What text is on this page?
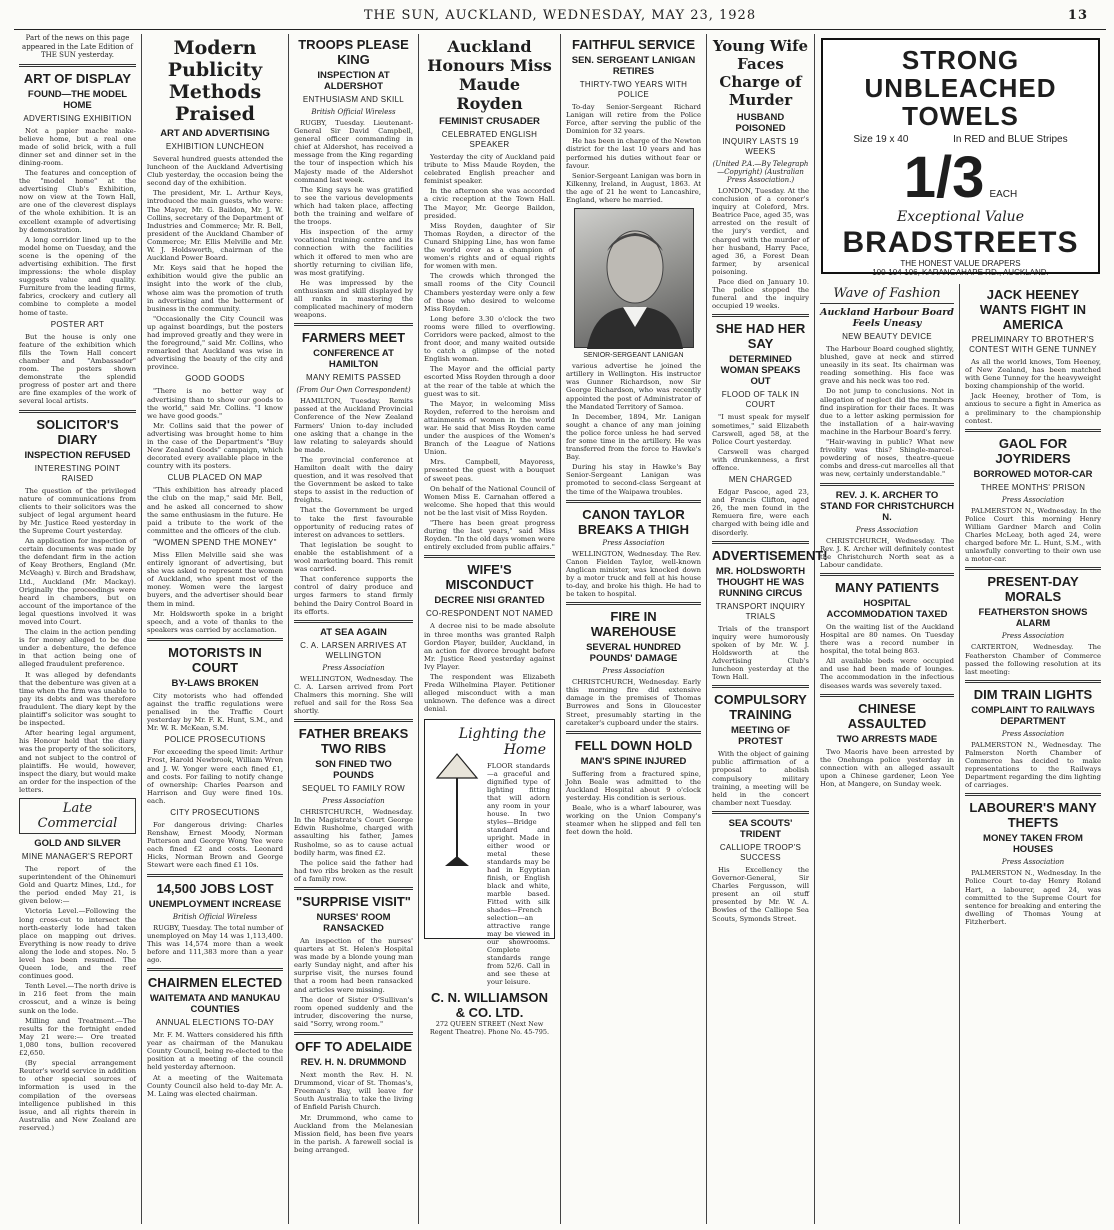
THE SUN, AUCKLAND, WEDNESDAY, MAY 23, 1928	13

Part of the news on this page appeared in the Late Edition of THE SUN yesterday.

ART OF DISPLAY
FOUND—THE MODEL HOME
ADVERTISING EXHIBITION

Not a papier mache make-believe home, but a real one made of solid brick, with a full dinner set and dinner set in the dining-room.

The features and conception of the "model home" at the advertising Club's Exhibition, now on view at the Town Hall, are one of the cleverest displays of the whole exhibition. It is an excellent example of advertising by demonstration.

A long corridor lined up to the model home on Tuesday, and the scene is the opening of the advertising exhibition. The first impressions: the whole display suggests value and quality. Furniture from the leading firms, fabrics, crockery and cutlery all combine to complete a model home of taste.

POSTER ART

But the house is only one feature of the exhibition which fills the Town Hall concert chamber and "Ambassador" room. The posters shown demonstrate the splendid progress of poster art and there are fine examples of the work of several local artists.

SOLICITOR'S DIARY
INSPECTION REFUSED
INTERESTING POINT RAISED

The question of the privileged nature of communications from clients to their solicitors was the subject of legal argument heard by Mr. Justice Reed yesterday in the Supreme Court yesterday.

An application for inspection of certain documents was made by the defendant firm in the action of Keay Brothers, England (Mr. McVeagh) v. Birch and Bradshaw, Ltd., Auckland (Mr. Mackay). Originally the proceedings were heard in chambers, but on account of the importance of the legal questions involved it was moved into Court.

The claim in the action pending is for money alleged to be due under a debenture, the defence in that action being one of alleged fraudulent preference.

It was alleged by defendants that the debenture was given at a time when the firm was unable to pay its debts and was therefore fraudulent. The diary kept by the plaintiff's solicitor was sought to be inspected.

After hearing legal argument, his Honour held that the diary was the property of the solicitors, and not subject to the control of plaintiffs. He would, however, inspect the diary, but would make an order for the inspection of the letters.

Late Commercial
GOLD AND SILVER
MINE MANAGER'S REPORT

The report of the superintendent of the Ohinemuri Gold and Quartz Mines, Ltd., for the period ended May 21, is given below:—

Victoria Level.—Following the long cross-cut to intersect the north-easterly lode had taken place on mapping out drives. Everything is now ready to drive along the lode and stopes. No. 5 level has been resumed. The Queen lode, and the reef continues good.

Tenth Level.—The north drive is in 216 feet from the main crosscut, and a winze is being sunk on the lode.

Milling and Treatment.—The results for the fortnight ended May 21 were:— Ore treated 1,080 tons, bullion recovered £2,650.

(By special arrangement Reuter's world service in addition to other special sources of information is used in the compilation of the overseas intelligence published in this issue, and all rights therein in Australia and New Zealand are reserved.)

Modern Publicity Methods Praised
ART AND ADVERTISING
EXHIBITION LUNCHEON

Several hundred guests attended the luncheon of the Auckland Advertising Club yesterday, the occasion being the second day of the exhibition.

The president, Mr. L. Arthur Keys, introduced the main guests, who were: The Mayor, Mr. G. Baildon, Mr. J. W. Collins, secretary of the Department of Industries and Commerce; Mr. R. Bell, president of the Auckland Chamber of Commerce; Mr. Ellis Melville and Mr. W. J. Holdsworth, chairman of the Auckland Power Board.

Mr. Keys said that he hoped the exhibition would give the public an insight into the work of the club, whose aim was the promotion of truth in advertising and the betterment of business in the community.

"Occasionally the City Council was up against boardings, but the posters had improved greatly and they were in the foreground," said Mr. Collins, who remarked that Auckland was wise in advertising the beauty of the city and province.

GOOD GOODS

"There is no better way of advertising than to show our goods to the world," said Mr. Collins. "I know we have good goods."

Mr. Collins said that the power of advertising was brought home to him in the case of the Department's "Buy New Zealand Goods" campaign, which decorated every available place in the country with its posters.

CLUB PLACED ON MAP

"This exhibition has already placed the club on the map," said Mr. Bell, and he asked all concerned to show the same enthusiasm in the future. He paid a tribute to the work of the committee and the officers of the club.

"WOMEN SPEND THE MONEY"

Miss Ellen Melville said she was entirely ignorant of advertising, but she was asked to represent the women of Auckland, who spent most of the money. Women were the largest buyers, and the advertiser should bear them in mind.

Mr. Holdsworth spoke in a bright speech, and a vote of thanks to the speakers was carried by acclamation.

MOTORISTS IN COURT
BY-LAWS BROKEN

City motorists who had offended against the traffic regulations were penalised in the Traffic Court yesterday by Mr. F. K. Hunt, S.M., and Mr. W. R. McKean, S.M.

POLICE PROSECUTIONS

For exceeding the speed limit: Arthur Frost, Harold Newbrook, William Wren and J. W. Yonger were each fined £1, and costs. For failing to notify change of ownership: Charles Pearson and Harrison and Guy were fined 10s. each.

CITY PROSECUTIONS

For dangerous driving: Charles Renshaw, Ernest Moody, Norman Patterson and George Wong Yee were each fined £2 and costs. Leonard Hicks, Norman Brown and George Stewart were each fined £1 10s.

14,500 JOBS LOST
UNEMPLOYMENT INCREASE
British Official Wireless

RUGBY, Tuesday. The total number of unemployed on May 14 was 1,113,400. This was 14,574 more than a week before and 111,383 more than a year ago.

CHAIRMEN ELECTED
WAITEMATA AND MANUKAU COUNTIES
ANNUAL ELECTIONS TO-DAY

Mr. F. M. Watters considered his fifth year as chairman of the Manukau County Council, being re-elected to the position at a meeting of the council held yesterday afternoon.

At a meeting of the Waitemata County Council also held to-day Mr. A. M. Laing was elected chairman.

TROOPS PLEASE KING
INSPECTION AT ALDERSHOT
ENTHUSIASM AND SKILL
British Official Wireless

RUGBY, Tuesday. Lieutenant-General Sir David Campbell, general officer commanding in chief at Aldershot, has received a message from the King regarding the tour of inspection which his Majesty made of the Aldershot command last week.

The King says he was gratified to see the various developments which had taken place, affecting both the training and welfare of the troops.

His inspection of the army vocational training centre and its connection with the facilities which it offered to men who are shortly returning to civilian life, was most gratifying.

He was impressed by the enthusiasm and skill displayed by all ranks in mastering the complicated machinery of modern weapons.

FARMERS MEET
CONFERENCE AT HAMILTON
MANY REMITS PASSED
(From Our Own Correspondent)

HAMILTON, Tuesday. Remits passed at the Auckland Provincial Conference of the New Zealand Farmers' Union to-day included one asking that a change in the law relating to saleyards should be made.

The provincial conference at Hamilton dealt with the dairy question, and it was resolved that the Government be asked to take steps to assist in the reduction of freights.

That the Government be urged to take the first favourable opportunity of reducing rates of interest on advances to settlers.

That legislation be sought to enable the establishment of a wool marketing board. This remit was carried.

That conference supports the control of dairy produce and urges farmers to stand firmly behind the Dairy Control Board in its efforts.

AT SEA AGAIN
C. A. LARSEN ARRIVES AT WELLINGTON
Press Association

WELLINGTON, Wednesday. The C. A. Larsen arrived from Port Chalmers this morning. She will refuel and sail for the Ross Sea shortly.

FATHER BREAKS TWO RIBS
SON FINED TWO POUNDS
SEQUEL TO FAMILY ROW
Press Association

CHRISTCHURCH, Wednesday. In the Magistrate's Court George Edwin Rusholme, charged with assaulting his father, James Rusholme, so as to cause actual bodily harm, was fined £2.

The police said the father had had two ribs broken as the result of a family row.

"SURPRISE VISIT"
NURSES' ROOM RANSACKED

An inspection of the nurses' quarters at St. Helen's Hospital was made by a blonde young man early Sunday night, and after his surprise visit, the nurses found that a room had been ransacked and articles were missing.

The door of Sister O'Sullivan's room opened suddenly and the intruder, discovering the nurse, said "Sorry, wrong room."

OFF TO ADELAIDE
REV. H. N. DRUMMOND

Next month the Rev. H. N. Drummond, vicar of St. Thomas's, Freeman's Bay, will leave for South Australia to take the living of Enfield Parish Church.

Mr. Drummond, who came to Auckland from the Melanesian Mission field, has been five years in the parish. A farewell social is being arranged.

Auckland Honours Miss Maude Royden
FEMINIST CRUSADER
CELEBRATED ENGLISH SPEAKER

Yesterday the city of Auckland paid tribute to Miss Maude Royden, the celebrated English preacher and feminist speaker.

In the afternoon she was accorded a civic reception at the Town Hall. The Mayor, Mr. George Baildon, presided.

Miss Royden, daughter of Sir Thomas Royden, a director of the Cunard Shipping Line, has won fame the world over as a champion of women's rights and of equal rights for women with men.

The crowds which thronged the small rooms of the City Council Chambers yesterday were only a few of those who desired to welcome Miss Royden.

Long before 3.30 o'clock the two rooms were filled to overflowing. Corridors were packed, almost to the front door, and many waited outside to catch a glimpse of the noted English woman.

The Mayor and the official party escorted Miss Royden through a door at the rear of the table at which the guest was to sit.

The Mayor, in welcoming Miss Royden, referred to the heroism and attainments of women in the world war. He said that Miss Royden came under the auspices of the Women's Branch of the League of Nations Union.

Mrs. Campbell, Mayoress, presented the guest with a bouquet of sweet peas.

On behalf of the National Council of Women Miss E. Carnahan offered a welcome. She hoped that this would not be the last visit of Miss Royden.

"There has been great progress during the last years," said Miss Royden. "In the old days women were entirely excluded from public affairs."

WIFE'S MISCONDUCT
DECREE NISI GRANTED
CO-RESPONDENT NOT NAMED

A decree nisi to be made absolute in three months was granted Ralph Gordon Player, builder, Auckland, in an action for divorce brought before Mr. Justice Reed yesterday against Ivy Player.

The respondent was Elizabeth Freda Wilhelmina Player. Petitioner alleged misconduct with a man unknown. The defence was a direct denial.

Lighting the Home
FLOOR standards—a graceful and dignified type of lighting fitting that will adorn any room in your house. In two styles—Bridge standard and upright. Made in either wood or metal these standards may be had in Egyptian finish, or English black and white, marble based. Fitted with silk shades—French selection—an attractive range may be viewed in our showrooms. Complete standards range from 52/6. Call in and see these at your leisure.
C. N. WILLIAMSON & CO. LTD.
272 QUEEN STREET (Next New Regent Theatre). Phone No. 45-795.
FAITHFUL SERVICE
SEN. SERGEANT LANIGAN RETIRES
THIRTY-TWO YEARS WITH POLICE

To-day Senior-Sergeant Richard Lanigan will retire from the Police Force, after serving the public of the Dominion for 32 years.

He has been in charge of the Newton district for the last 10 years and has performed his duties without fear or favour.

Senior-Sergeant Lanigan was born in Kilkenny, Ireland, in August, 1863. At the age of 21 he went to Lancashire, England, where he married.

SENIOR-SERGEANT LANIGAN

various advertise he joined the artillery in Wellington. His instructor was Gunner Richardson, now Sir George Richardson, who was recently appointed the post of Administrator of the Mandated Territory of Samoa.

In December, 1894, Mr. Lanigan sought a chance of any man joining the police force unless he had served for some time in the artillery. He was transferred from the force to Hawke's Bay.

During his stay in Hawke's Bay Senior-Sergeant Lanigan was promoted to second-class Sergeant at the time of the Waipawa troubles.

CANON TAYLOR BREAKS A THIGH
Press Association

WELLINGTON, Wednesday. The Rev. Canon Fielden Taylor, well-known Anglican minister, was knocked down by a motor truck and fell at his house to-day, and broke his thigh. He had to be taken to hospital.

FIRE IN WAREHOUSE
SEVERAL HUNDRED POUNDS' DAMAGE
Press Association

CHRISTCHURCH, Wednesday. Early this morning fire did extensive damage in the premises of Thomas Burrowes and Sons in Gloucester Street, presumably starting in the caretaker's cupboard under the stairs.

FELL DOWN HOLD
MAN'S SPINE INJURED

Suffering from a fractured spine, John Beale was admitted to the Auckland Hospital about 9 o'clock yesterday. His condition is serious.

Beale, who is a wharf labourer, was working on the Union Company's steamer when he slipped and fell ten feet down the hold.

Young Wife Faces Charge of Murder
HUSBAND POISONED
INQUIRY LASTS 19 WEEKS
(United P.A.—By Telegraph—Copyright) (Australian Press Association.)

LONDON, Tuesday. At the conclusion of a coroner's inquiry at Coleford, Mrs. Beatrice Pace, aged 35, was arrested on the result of the jury's verdict, and charged with the murder of her husband, Harry Pace, aged 36, a Forest Dean farmer, by arsenical poisoning.

Pace died on January 10. The police stopped the funeral and the inquiry occupied 19 weeks.

SHE HAD HER SAY
DETERMINED WOMAN SPEAKS OUT
FLOOD OF TALK IN COURT

"I must speak for myself sometimes," said Elizabeth Carswell, aged 58, at the Police Court yesterday.

Carswell was charged with drunkenness, a first offence.

MEN CHARGED

Edgar Pascoe, aged 23, and Francis Clifton, aged 26, the men found in the Remuera fire, were each charged with being idle and disorderly.

ADVERTISEMENT!
MR. HOLDSWORTH THOUGHT HE WAS RUNNING CIRCUS
TRANSPORT INQUIRY TRIALS

Trials of the transport inquiry were humorously spoken of by Mr. W. J. Holdsworth at the Advertising Club's luncheon yesterday at the Town Hall.

COMPULSORY TRAINING
MEETING OF PROTEST

With the object of gaining public affirmation of a proposal to abolish compulsory military training, a meeting will be held in the concert chamber next Tuesday.

SEA SCOUTS' TRIDENT
CALLIOPE TROOP'S SUCCESS

His Excellency the Governor-General, Sir Charles Fergusson, will present an oil stuff presented by Mr. W. A. Bowles of the Calliope Sea Scouts, Symonds Street.

STRONG
UNBLEACHED
TOWELS
Size 19 x 40	In RED and BLUE Stripes
1/3 EACH
Exceptional Value
BRADSTREETS
THE HONEST VALUE DRAPERS
100-104-106, KARANGAHAPE RD., AUCKLAND.
Wave of Fashion
Auckland Harbour Board Feels Uneasy
NEW BEAUTY DEVICE

The Harbour Board coughed slightly, blushed, gave at neck and stirred uneasily in its seat. Its chairman was reading something. His face was grave and his neck was too red.

Do not jump to conclusions. Not in allegation of neglect did the members find inspiration for their faces. It was due to a letter asking permission for the installation of a hair-waving machine in the Harbour Board's ferry.

"Hair-waving in public? What new frivolity was this? Shingle-marcel-powdering of noses, theatre-queue combs and dress-cut marcelles all that was new, certainly understandable."

REV. J. K. ARCHER TO STAND FOR CHRISTCHURCH N.
Press Association

CHRISTCHURCH, Wednesday. The Rev. J. K. Archer will definitely contest the Christchurch North seat as a Labour candidate.

MANY PATIENTS
HOSPITAL ACCOMMODATION TAXED

On the waiting list of the Auckland Hospital are 80 names. On Tuesday there was a record number in hospital, the total being 863.

All available beds were occupied and use had been made of lounges. The accommodation in the infectious diseases wards was severely taxed.

CHINESE ASSAULTED
TWO ARRESTS MADE

Two Maoris have been arrested by the Onehunga police yesterday in connection with an alleged assault upon a Chinese gardener, Leon Yee Hon, at Mangere, on Sunday week.

JACK HEENEY WANTS FIGHT IN AMERICA
PRELIMINARY TO BROTHER'S CONTEST WITH GENE TUNNEY

As all the world knows, Tom Heeney, of New Zealand, has been matched with Gene Tunney for the heavyweight boxing championship of the world.

Jack Heeney, brother of Tom, is anxious to secure a fight in America as a preliminary to the championship contest.

GAOL FOR JOYRIDERS
BORROWED MOTOR-CAR
THREE MONTHS' PRISON
Press Association

PALMERSTON N., Wednesday. In the Police Court this morning Henry William Gardner March and Colin Charles McLeay, both aged 24, were charged before Mr. L. Hunt, S.M., with unlawfully converting to their own use a motor-car.

PRESENT-DAY MORALS
FEATHERSTON SHOWS ALARM
Press Association

CARTERTON, Wednesday. The Featherston Chamber of Commerce passed the following resolution at its last meeting:

DIM TRAIN LIGHTS
COMPLAINT TO RAILWAYS DEPARTMENT
Press Association

PALMERSTON N., Wednesday. The Palmerston North Chamber of Commerce has decided to make representations to the Railways Department regarding the dim lighting of carriages.

LABOURER'S MANY THEFTS
MONEY TAKEN FROM HOUSES
Press Association

PALMERSTON N., Wednesday. In the Police Court to-day Henry Roland Hart, a labourer, aged 24, was committed to the Supreme Court for sentence for breaking and entering the dwelling of Thomas Young at Fitzherbert.
